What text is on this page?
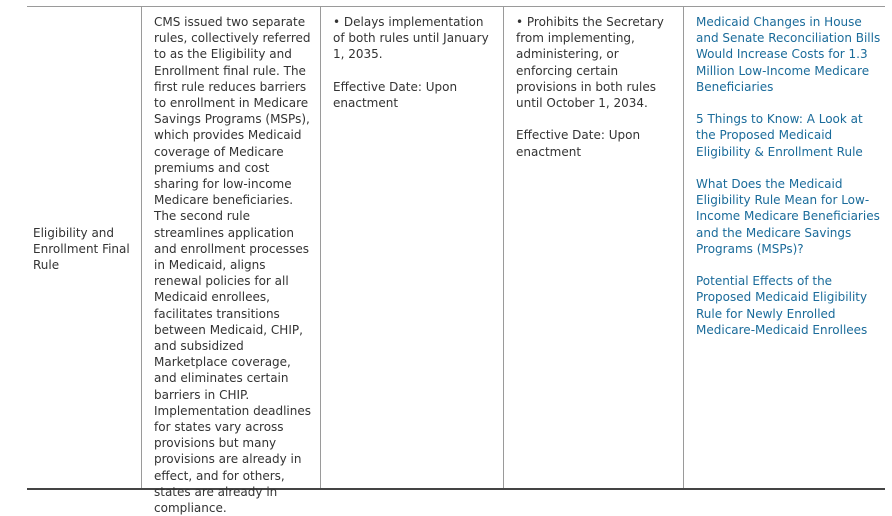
Eligibility and Enrollment Final Rule

CMS issued two separate rules, collectively referred to as the Eligibility and Enrollment final rule. The first rule reduces barriers to enrollment in Medicare Savings Programs (MSPs), which provides Medicaid coverage of Medicare premiums and cost sharing for low-income Medicare beneficiaries. The second rule streamlines application and enrollment processes in Medicaid, aligns renewal policies for all Medicaid enrollees, facilitates transitions between Medicaid, CHIP, and subsidized Marketplace coverage, and eliminates certain barriers in CHIP. Implementation deadlines for states vary across provisions but many provisions are already in effect, and for others, states are already in compliance.

• Delays implementation of both rules until January 1, 2035.

Effective Date: Upon enactment

• Prohibits the Secretary from implementing, administering, or enforcing certain provisions in both rules until October 1, 2034.

Effective Date: Upon enactment

Medicaid Changes in House and Senate Reconciliation Bills Would Increase Costs for 1.3 Million Low-Income Medicare Beneficiaries
5 Things to Know: A Look at the Proposed Medicaid Eligibility & Enrollment Rule
What Does the Medicaid Eligibility Rule Mean for Low-Income Medicare Beneficiaries and the Medicare Savings Programs (MSPs)?
Potential Effects of the Proposed Medicaid Eligibility Rule for Newly Enrolled Medicare-Medicaid Enrollees
